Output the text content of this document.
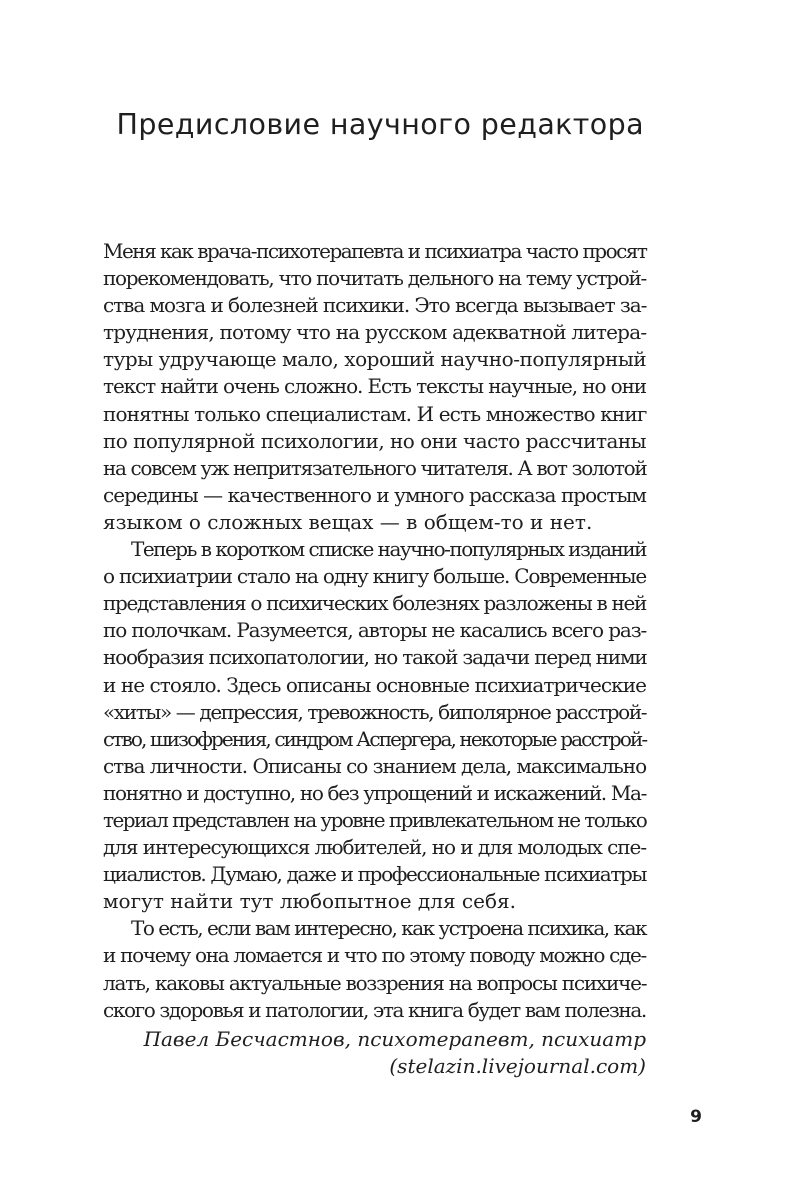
Предисловие научного редактора
Меня как врача-психотерапевта и психиатра часто просят
порекомендовать, что почитать дельного на тему устрой-
ства мозга и болезней психики. Это всегда вызывает за-
труднения, потому что на русском адекватной литера-
туры удручающе мало, хороший научно-популярный
текст найти очень сложно. Есть тексты научные, но они
понятны только специалистам. И есть множество книг
по популярной психологии, но они часто рассчитаны
на совсем уж непритязательного читателя. А вот золотой
середины — качественного и умного рассказа простым
языком о сложных вещах — в общем-то и нет.
Теперь в коротком списке научно-популярных изданий
о психиатрии стало на одну книгу больше. Современные
представления о психических болезнях разложены в ней
по полочкам. Разумеется, авторы не касались всего раз-
нообразия психопатологии, но такой задачи перед ними
и не стояло. Здесь описаны основные психиатрические
«хиты» — депрессия, тревожность, биполярное расстрой-
ство, шизофрения, синдром Аспергера, некоторые расстрой-
ства личности. Описаны со знанием дела, максимально
понятно и доступно, но без упрощений и искажений. Ма-
териал представлен на уровне привлекательном не только
для интересующихся любителей, но и для молодых спе-
циалистов. Думаю, даже и профессиональные психиатры
могут найти тут любопытное для себя.
То есть, если вам интересно, как устроена психика, как
и почему она ломается и что по этому поводу можно сде-
лать, каковы актуальные воззрения на вопросы психиче-
ского здоровья и патологии, эта книга будет вам полезна.
Павел Бесчастнов, психотерапевт, психиатр
(stelazin.livejournal.com)
9
